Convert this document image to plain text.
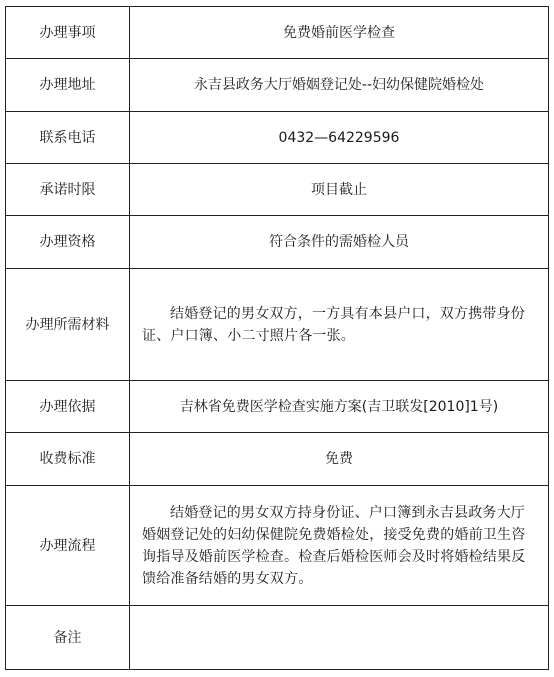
办理事项	免费婚前医学检查
办理地址	永吉县政务大厅婚姻登记处--妇幼保健院婚检处
联系电话	0432—64229596
承诺时限	项目截止
办理资格	符合条件的需婚检人员
办理所需材料	结婚登记的男女双方，一方具有本县户口，双方携带身份证、户口簿、小二寸照片各一张。
办理依据	吉林省免费医学检查实施方案(吉卫联发[2010]1号)
收费标准	免费
办理流程	结婚登记的男女双方持身份证、户口簿到永吉县政务大厅婚姻登记处的妇幼保健院免费婚检处，接受免费的婚前卫生咨询指导及婚前医学检查。检查后婚检医师会及时将婚检结果反馈给准备结婚的男女双方。
备注	
